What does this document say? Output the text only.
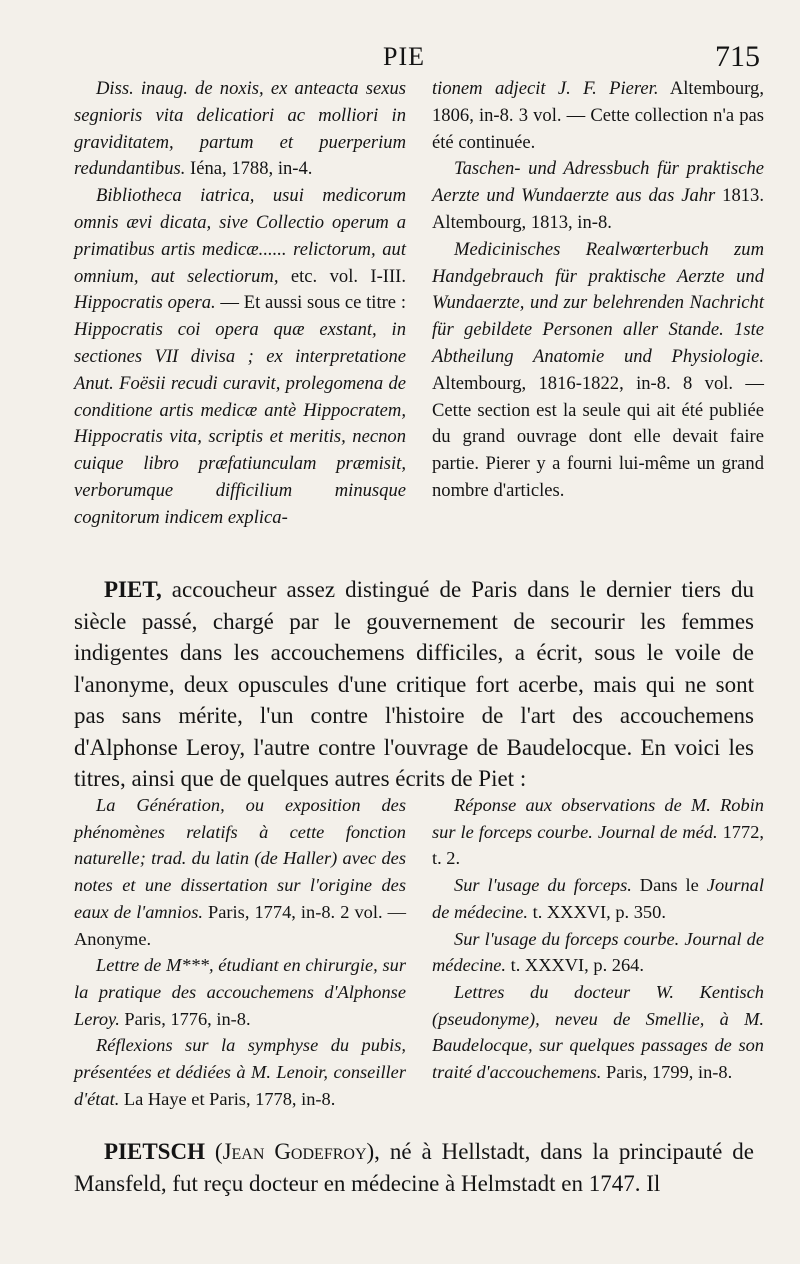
PIE	715

Diss. inaug. de noxis, ex anteacta sexus segnioris vita delicatiori ac molliori in graviditatem, partum et puerperium redundantibus. Iéna, 1788, in-4.

Bibliotheca iatrica, usui medicorum omnis ævi dicata, sive Collectio operum a primatibus artis medicæ...... relictorum, aut omnium, aut selectiorum, etc. vol. I-III. Hippocratis opera. — Et aussi sous ce titre : Hippocratis coi opera quæ exstant, in sectiones VII divisa ; ex interpretatione Anut. Foësii recudi curavit, prolegomena de conditione artis medicæ antè Hippocratem, Hippocratis vita, scriptis et meritis, necnon cuique libro præfatiunculam præmisit, verborumque difficilium minusque cognitorum indicem explica-

tionem adjecit J. F. Pierer. Altembourg, 1806, in-8. 3 vol. — Cette collection n'a pas été continuée.

Taschen- und Adressbuch für praktische Aerzte und Wundaerzte aus das Jahr 1813. Altembourg, 1813, in-8.

Medicinisches Realwœrterbuch zum Handgebrauch für praktische Aerzte und Wundaerzte, und zur belehrenden Nachricht für gebildete Personen aller Stande. 1ste Abtheilung Anatomie und Physiologie. Altembourg, 1816-1822, in-8. 8 vol. — Cette section est la seule qui ait été publiée du grand ouvrage dont elle devait faire partie. Pierer y a fourni lui-même un grand nombre d'articles.

PIET, accoucheur assez distingué de Paris dans le dernier tiers du siècle passé, chargé par le gouvernement de secourir les femmes indigentes dans les accouchemens difficiles, a écrit, sous le voile de l'anonyme, deux opuscules d'une critique fort acerbe, mais qui ne sont pas sans mérite, l'un contre l'histoire de l'art des accouchemens d'Alphonse Leroy, l'autre contre l'ouvrage de Baudelocque. En voici les titres, ainsi que de quelques autres écrits de Piet :

La Génération, ou exposition des phénomènes relatifs à cette fonction naturelle; trad. du latin (de Haller) avec des notes et une dissertation sur l'origine des eaux de l'amnios. Paris, 1774, in-8. 2 vol. — Anonyme.

Lettre de M***, étudiant en chirurgie, sur la pratique des accouchemens d'Alphonse Leroy. Paris, 1776, in-8.

Réflexions sur la symphyse du pubis, présentées et dédiées à M. Lenoir, conseiller d'état. La Haye et Paris, 1778, in-8.

Réponse aux observations de M. Robin sur le forceps courbe. Journal de méd. 1772, t. 2.

Sur l'usage du forceps. Dans le Journal de médecine. t. XXXVI, p. 350.

Sur l'usage du forceps courbe. Journal de médecine. t. XXXVI, p. 264.

Lettres du docteur W. Kentisch (pseudonyme), neveu de Smellie, à M. Baudelocque, sur quelques passages de son traité d'accouchemens. Paris, 1799, in-8.

PIETSCH (Jean Godefroy), né à Hellstadt, dans la principauté de Mansfeld, fut reçu docteur en médecine à Helmstadt en 1747. Il
